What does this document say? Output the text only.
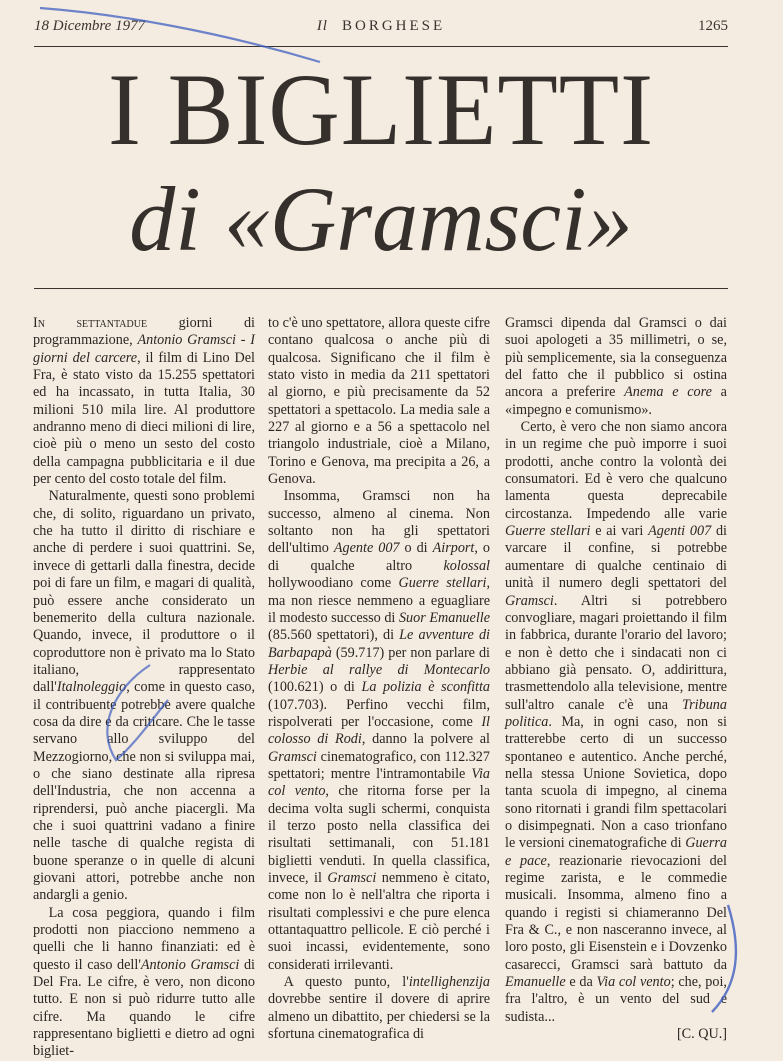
18 Dicembre 1977	Il BORGHESE	1265
I BIGLIETTI
di «Gramsci»

In settantadue giorni di programmazione, Antonio Gramsci - I giorni del carcere, il film di Lino Del Fra, è stato visto da 15.255 spettatori ed ha incassato, in tutta Italia, 30 milioni 510 mila lire. Al produttore andranno meno di dieci milioni di lire, cioè più o meno un sesto del costo della campagna pubblicitaria e il due per cento del costo totale del film.

Naturalmente, questi sono problemi che, di solito, riguardano un privato, che ha tutto il diritto di rischiare e anche di perdere i suoi quattrini. Se, invece di gettarli dalla finestra, decide poi di fare un film, e magari di qualità, può essere anche considerato un benemerito della cultura nazionale. Quando, invece, il produttore o il coproduttore non è privato ma lo Stato italiano, rappresentato dall'Italnoleggio, come in questo caso, il contribuente potrebbe avere qualche cosa da dire e da criticare. Che le tasse servano allo sviluppo del Mezzogiorno, che non si sviluppa mai, o che siano destinate alla ripresa dell'Industria, che non accenna a riprendersi, può anche piacergli. Ma che i suoi quattrini vadano a finire nelle tasche di qualche regista di buone speranze o in quelle di alcuni giovani attori, potrebbe anche non andargli a genio.

La cosa peggiora, quando i film prodotti non piacciono nemmeno a quelli che li hanno finanziati: ed è questo il caso dell'Antonio Gramsci di Del Fra. Le cifre, è vero, non dicono tutto. E non si può ridurre tutto alle cifre. Ma quando le cifre rappresentano biglietti e dietro ad ogni bigliet-

to c'è uno spettatore, allora queste cifre contano qualcosa o anche più di qualcosa. Significano che il film è stato visto in media da 211 spettatori al giorno, e più precisamente da 52 spettatori a spettacolo. La media sale a 227 al giorno e a 56 a spettacolo nel triangolo industriale, cioè a Milano, Torino e Genova, ma precipita a 26, a Genova.

Insomma, Gramsci non ha successo, almeno al cinema. Non soltanto non ha gli spettatori dell'ultimo Agente 007 o di Airport, o di qualche altro kolossal hollywoodiano come Guerre stellari, ma non riesce nemmeno a eguagliare il modesto successo di Suor Emanuelle (85.560 spettatori), di Le avventure di Barbapapà (59.717) per non parlare di Herbie al rallye di Montecarlo (100.621) o di La polizia è sconfitta (107.703). Perfino vecchi film, rispolverati per l'occasione, come Il colosso di Rodi, danno la polvere al Gramsci cinematografico, con 112.327 spettatori; mentre l'intramontabile Via col vento, che ritorna forse per la decima volta sugli schermi, conquista il terzo posto nella classifica dei risultati settimanali, con 51.181 biglietti venduti. In quella classifica, invece, il Gramsci nemmeno è citato, come non lo è nell'altra che riporta i risultati complessivi e che pure elenca ottantaquattro pellicole. E ciò perché i suoi incassi, evidentemente, sono considerati irrilevanti.

A questo punto, l'intellighenzija dovrebbe sentire il dovere di aprire almeno un dibattito, per chiedersi se la sfortuna cinematografica di

Gramsci dipenda dal Gramsci o dai suoi apologeti a 35 millimetri, o se, più semplicemente, sia la conseguenza del fatto che il pubblico si ostina ancora a preferire Anema e core a «impegno e comunismo».

Certo, è vero che non siamo ancora in un regime che può imporre i suoi prodotti, anche contro la volontà dei consumatori. Ed è vero che qualcuno lamenta questa deprecabile circostanza. Impedendo alle varie Guerre stellari e ai vari Agenti 007 di varcare il confine, si potrebbe aumentare di qualche centinaio di unità il numero degli spettatori del Gramsci. Altri si potrebbero convogliare, magari proiettando il film in fabbrica, durante l'orario del lavoro; e non è detto che i sindacati non ci abbiano già pensato. O, addirittura, trasmettendolo alla televisione, mentre sull'altro canale c'è una Tribuna politica. Ma, in ogni caso, non si tratterebbe certo di un successo spontaneo e autentico. Anche perché, nella stessa Unione Sovietica, dopo tanta scuola di impegno, al cinema sono ritornati i grandi film spettacolari o disimpegnati. Non a caso trionfano le versioni cinematografiche di Guerra e pace, reazionarie rievocazioni del regime zarista, e le commedie musicali. Insomma, almeno fino a quando i registi si chiameranno Del Fra & C., e non nasceranno invece, al loro posto, gli Eisenstein e i Dovzenko casarecci, Gramsci sarà battuto da Emanuelle e da Via col vento; che, poi, fra l'altro, è un vento del sud e sudista...

[C. QU.]
